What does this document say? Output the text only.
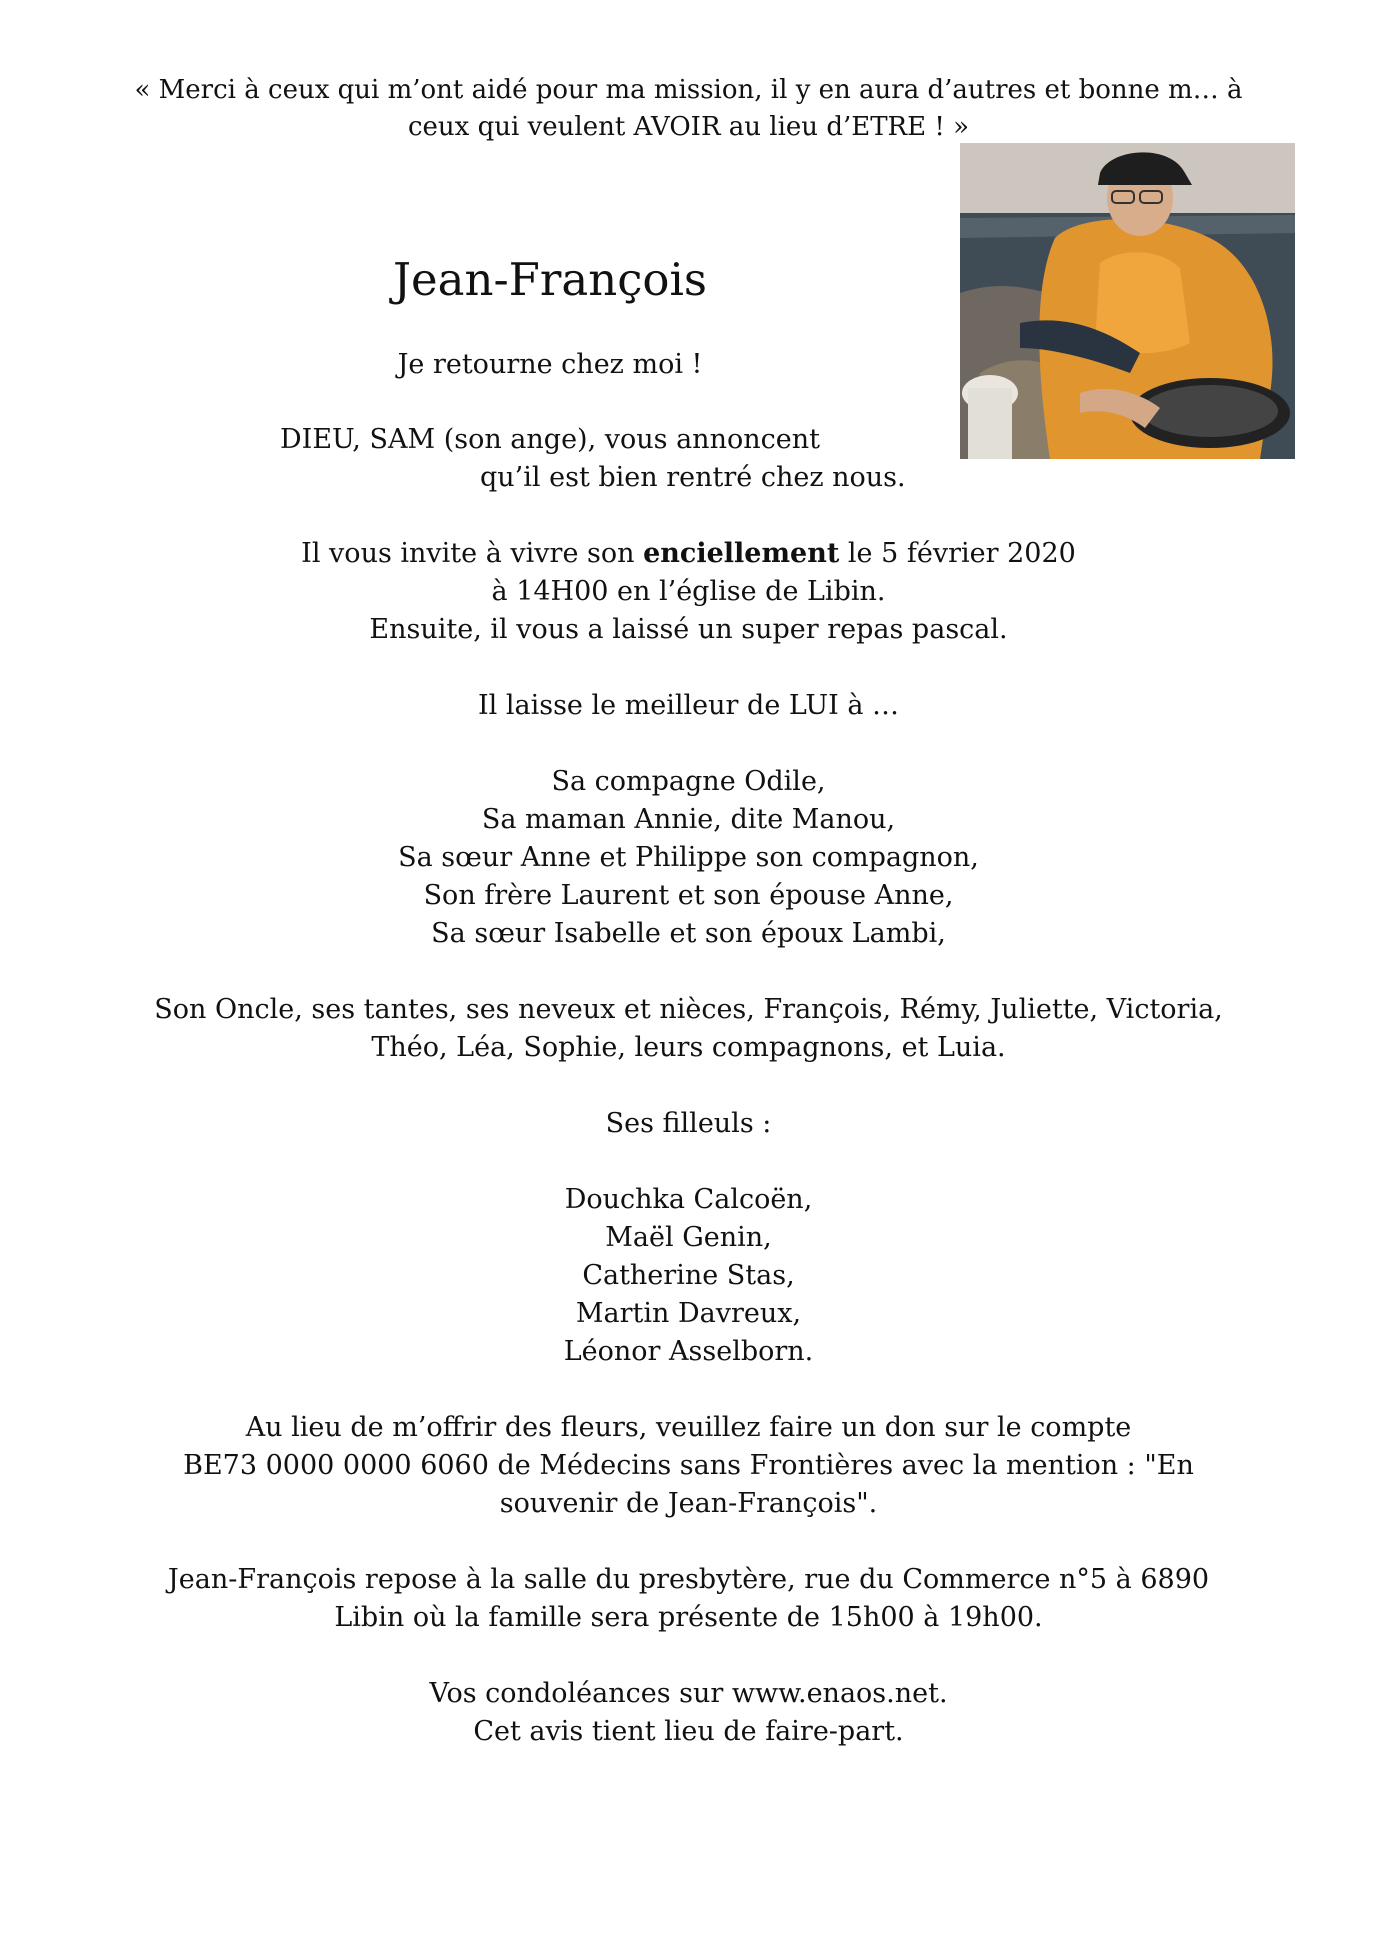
« Merci à ceux qui m’ont aidé pour ma mission, il y en aura d’autres et bonne m… à

ceux qui veulent AVOIR au lieu d’ETRE ! »

Jean-François

Je retourne chez moi !

DIEU, SAM (son ange), vous annoncent

qu’il est bien rentré chez nous.

Il vous invite à vivre son enciellement le 5 février 2020

à 14H00 en l’église de Libin.

Ensuite, il vous a laissé un super repas pascal.

Il laisse le meilleur de LUI à …

Sa compagne Odile,

Sa maman Annie, dite Manou,

Sa sœur Anne et Philippe son compagnon,

Son frère Laurent et son épouse Anne,

Sa sœur Isabelle et son époux Lambi,

Son Oncle, ses tantes, ses neveux et nièces, François, Rémy, Juliette, Victoria,

Théo, Léa, Sophie, leurs compagnons, et Luia.

Ses filleuls :

Douchka Calcoën,

Maël Genin,

Catherine Stas,

Martin Davreux,

Léonor Asselborn.

Au lieu de m’offrir des fleurs, veuillez faire un don sur le compte

BE73 0000 0000 6060 de Médecins sans Frontières avec la mention : "En

souvenir de Jean-François".

Jean-François repose à la salle du presbytère, rue du Commerce n°5 à 6890

Libin où la famille sera présente de 15h00 à 19h00.

Vos condoléances sur www.enaos.net.

Cet avis tient lieu de faire-part.
